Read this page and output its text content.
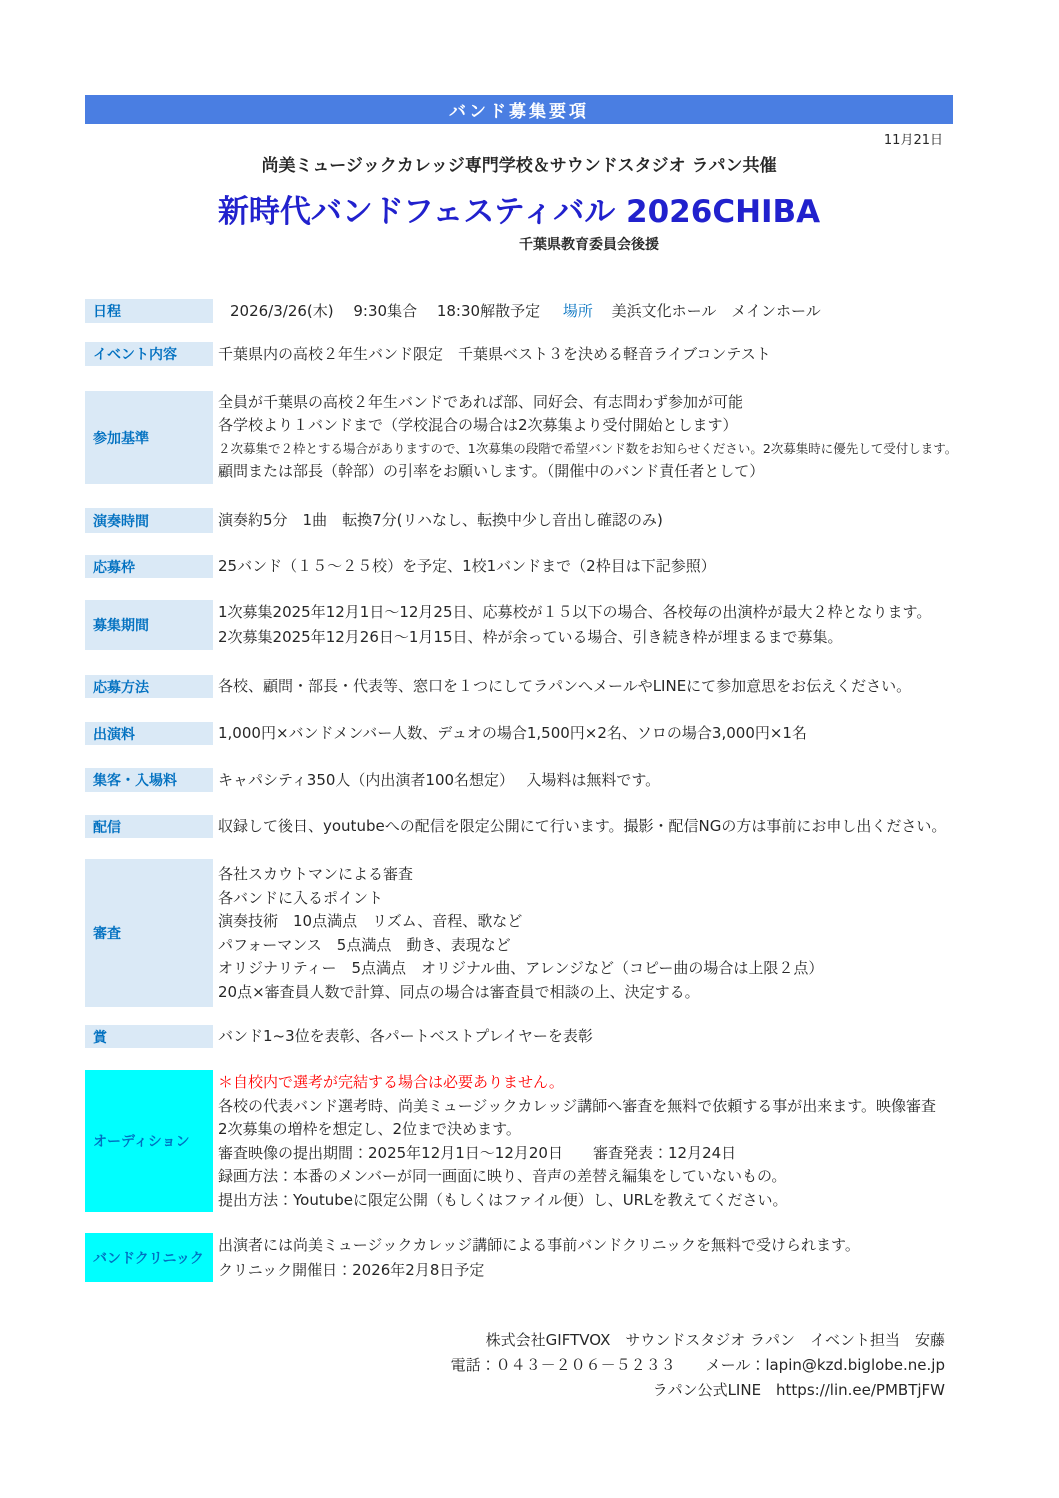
バンド募集要項
11月21日
尚美ミュージックカレッジ専門学校＆サウンドスタジオ ラパン共催
新時代バンドフェスティバル 2026CHIBA
千葉県教育委員会後援
日程	2026/3/26(木)　 9:30集合　 18:30解散予定 場所 美浜文化ホール　メインホール
イベント内容	千葉県内の高校２年生バンド限定　千葉県ベスト３を決める軽音ライブコンテスト
参加基準
全員が千葉県の高校２年生バンドであれば部、同好会、有志問わず参加が可能
各学校より１バンドまで（学校混合の場合は2次募集より受付開始とします）
２次募集で２枠とする場合がありますので、1次募集の段階で希望バンド数をお知らせください。2次募集時に優先して受付します。
顧問または部長（幹部）の引率をお願いします。（開催中のバンド責任者として）
演奏時間	演奏約5分　1曲　転換7分(リハなし、転換中少し音出し確認のみ)
応募枠	25バンド（１５～２５校）を予定、1校1バンドまで（2枠目は下記参照）
募集期間
1次募集2025年12月1日～12月25日、応募校が１５以下の場合、各校毎の出演枠が最大２枠となります。
2次募集2025年12月26日～1月15日、枠が余っている場合、引き続き枠が埋まるまで募集。
応募方法	各校、顧問・部長・代表等、窓口を１つにしてラパンへメールやLINEにて参加意思をお伝えください。
出演料	1,000円×バンドメンバー人数、デュオの場合1,500円×2名、ソロの場合3,000円×1名
集客・入場料	キャパシティ350人（内出演者100名想定）　 入場料は無料です。
配信	収録して後日、youtubeへの配信を限定公開にて行います。撮影・配信NGの方は事前にお申し出ください。
審査
各社スカウトマンによる審査
各バンドに入るポイント
演奏技術　10点満点　リズム、音程、歌など
パフォーマンス　5点満点　動き、表現など
オリジナリティー　5点満点　オリジナル曲、アレンジなど（コピー曲の場合は上限２点）
20点×審査員人数で計算、同点の場合は審査員で相談の上、決定する。
賞	バンド1~3位を表彰、各パートベストプレイヤーを表彰
オーディション
＊自校内で選考が完結する場合は必要ありません。
各校の代表バンド選考時、尚美ミュージックカレッジ講師へ審査を無料で依頼する事が出来ます。映像審査
2次募集の増枠を想定し、2位まで決めます。
審査映像の提出期間：2025年12月1日～12月20日　　審査発表：12月24日
録画方法：本番のメンバーが同一画面に映り、音声の差替え編集をしていないもの。
提出方法：Youtubeに限定公開（もしくはファイル便）し、URLを教えてください。
バンドクリニック
出演者には尚美ミュージックカレッジ講師による事前バンドクリニックを無料で受けられます。
クリニック開催日：2026年2月8日予定
株式会社GIFTVOX　サウンドスタジオ ラパン　イベント担当　安藤
電話：０４３－２０６－５２３３　　メール：lapin@kzd.biglobe.ne.jp
ラパン公式LINE　https://lin.ee/PMBTjFW
